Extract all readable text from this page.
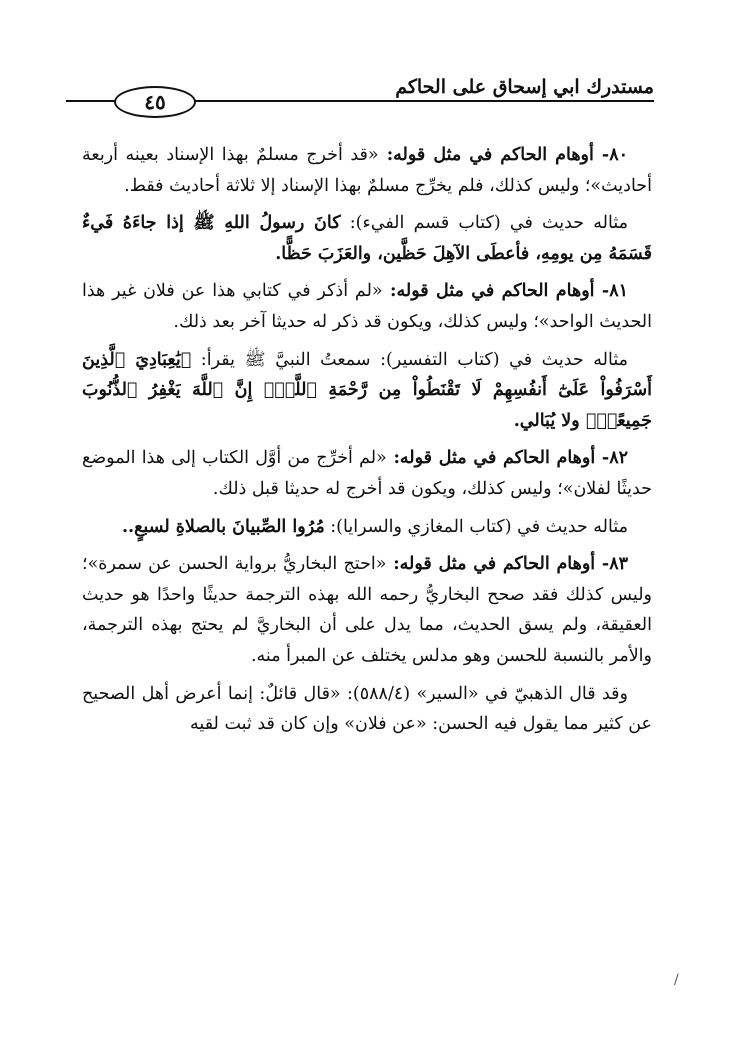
مستدرك ابي إسحاق على الحاكم
٤٥

٨٠- أوهام الحاكم في مثل قوله: «قد أخرج مسلمٌ بهذا الإسناد بعينه أربعة أحاديث»؛ وليس كذلك، فلم يخرِّج مسلمٌ بهذا الإسناد إلا ثلاثة أحاديث فقط.

مثاله حديث في (كتاب قسم الفيء): كانَ رسولُ اللهِ ﷺ إذا جاءَهُ فَيءٌ قَسَمَهُ مِن يومِهِ، فأعطَى الآهِلَ حَظَّين، والعَزَبَ حَظًّا.

٨١- أوهام الحاكم في مثل قوله: «لم أذكر في كتابي هذا عن فلان غير هذا الحديث الواحد»؛ وليس كذلك، ويكون قد ذكر له حديثا آخر بعد ذلك.

مثاله حديث في (كتاب التفسير): سمعتُ النبيَّ ﷺ يقرأ: ﴿يَٰعِبَادِيَ ٱلَّذِينَ أَسْرَفُواْ عَلَىٰٓ أَنفُسِهِمْ لَا تَقْنَطُواْ مِن رَّحْمَةِ ٱللَّهِۚ إِنَّ ٱللَّهَ يَغْفِرُ ٱلذُّنُوبَ جَمِيعًاۚ﴾ ولا يُبَالي.

٨٢- أوهام الحاكم في مثل قوله: «لم أخرِّج من أوَّل الكتاب إلى هذا الموضع حديثًا لفلان»؛ وليس كذلك، ويكون قد أخرج له حديثا قبل ذلك.

مثاله حديث في (كتاب المغازي والسرايا): مُرُوا الصِّبيانَ بالصلاةِ لسبعٍ..

٨٣- أوهام الحاكم في مثل قوله: «احتج البخاريُّ برواية الحسن عن سمرة»؛ وليس كذلك فقد صحح البخاريُّ رحمه الله بهذه الترجمة حديثًا واحدًا هو حديث العقيقة، ولم يسق الحديث، مما يدل على أن البخاريَّ لم يحتج بهذه الترجمة، والأمر بالنسبة للحسن وهو مدلس يختلف عن المبرأ منه.

وقد قال الذهبيّ في «السير» (٥٨٨/٤): «قال قائلٌ: إنما أعرض أهل الصحيح عن كثير مما يقول فيه الحسن: «عن فلان» وإن كان قد ثبت لقيه

/
